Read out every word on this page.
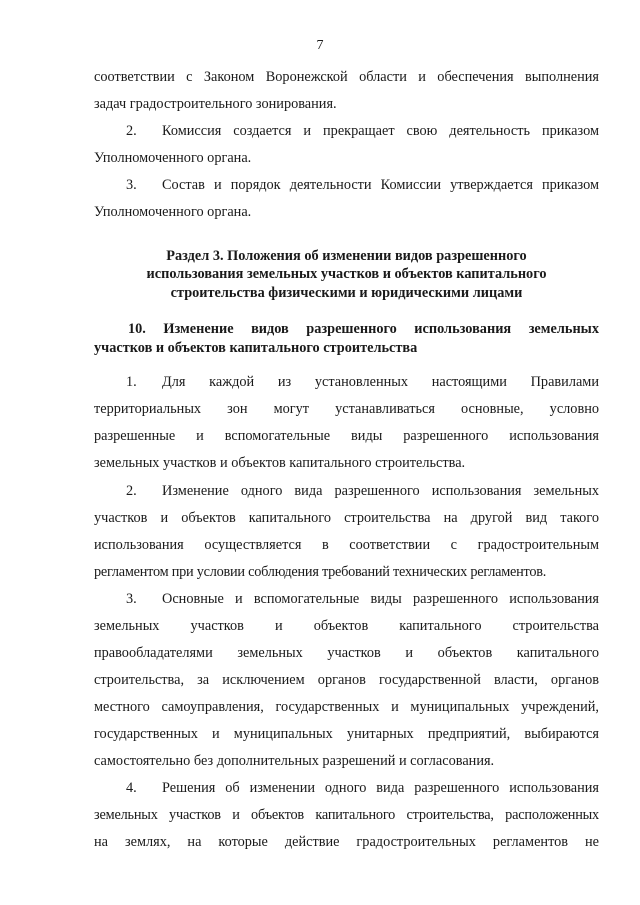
7

соответствии с Законом Воронежской области и обеспечения выполнения

задач градостроительного зонирования.

2. Комиссия создается и прекращает свою деятельность приказом

Уполномоченного органа.

3. Состав и порядок деятельности Комиссии утверждается приказом

Уполномоченного органа.

Раздел 3. Положения об изменении видов разрешенного

использования земельных участков и объектов капитального

строительства физическими и юридическими лицами

10. Изменение видов разрешенного использования земельных

участков и объектов капитального строительства

1. Для каждой из установленных настоящими Правилами

территориальных зон могут устанавливаться основные, условно

разрешенные и вспомогательные виды разрешенного использования

земельных участков и объектов капитального строительства.

2. Изменение одного вида разрешенного использования земельных

участков и объектов капитального строительства на другой вид такого

использования осуществляется в соответствии с градостроительным

регламентом при условии соблюдения требований технических регламентов.

3. Основные и вспомогательные виды разрешенного использования

земельных участков и объектов капитального строительства

правообладателями земельных участков и объектов капитального

строительства, за исключением органов государственной власти, органов

местного самоуправления, государственных и муниципальных учреждений,

государственных и муниципальных унитарных предприятий, выбираются

самостоятельно без дополнительных разрешений и согласования.

4. Решения об изменении одного вида разрешенного использования

земельных участков и объектов капитального строительства, расположенных

на землях, на которые действие градостроительных регламентов не
